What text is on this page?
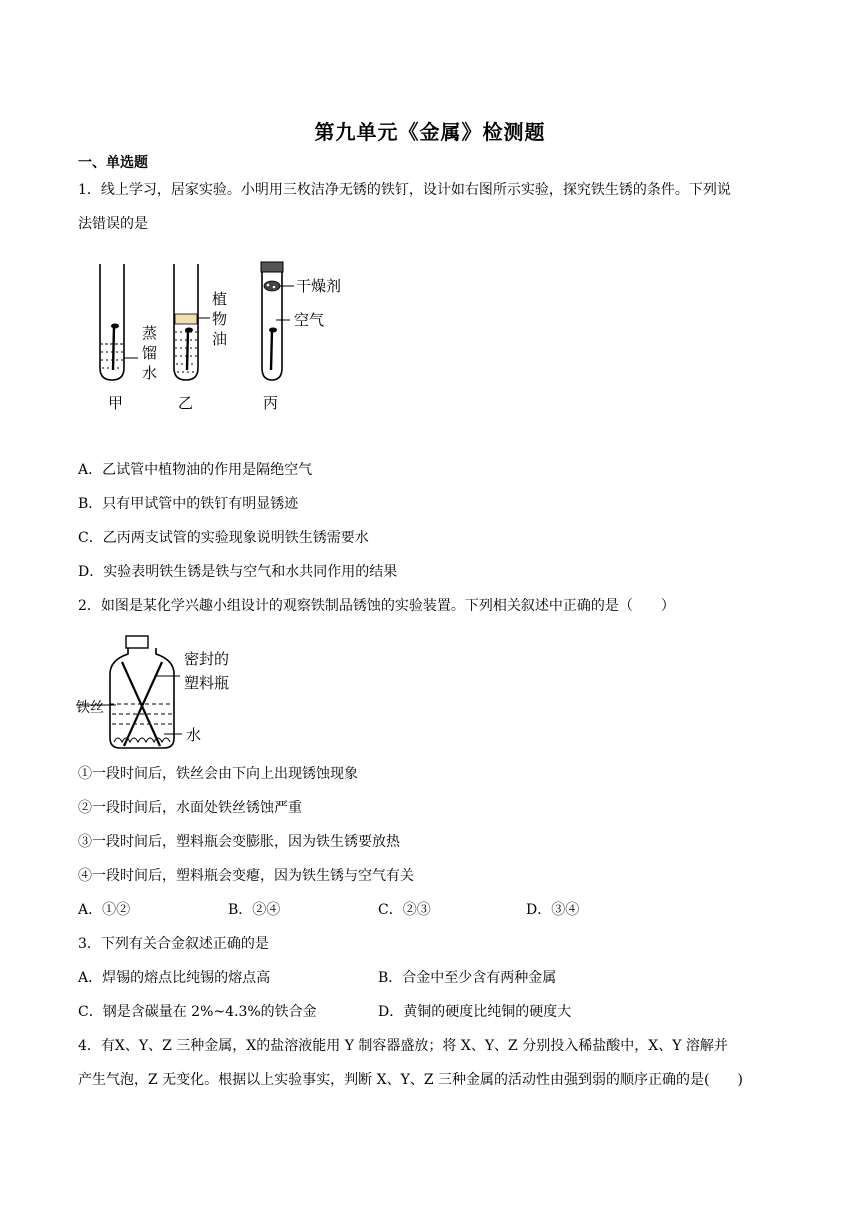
第九单元《金属》检测题
一、单选题
1．线上学习，居家实验。小明用三枚洁净无锈的铁钉，设计如右图所示实验，探究铁生锈的条件。下列说
法错误的是
蒸
馏
水
甲
植
物
油
乙
干燥剂
空气
丙
A．乙试管中植物油的作用是隔绝空气
B．只有甲试管中的铁钉有明显锈迹
C．乙丙两支试管的实验现象说明铁生锈需要水
D．实验表明铁生锈是铁与空气和水共同作用的结果
2．如图是某化学兴趣小组设计的观察铁制品锈蚀的实验装置。下列相关叙述中正确的是（　　）
密封的
塑料瓶
铁丝
水
①一段时间后，铁丝会由下向上出现锈蚀现象
②一段时间后，水面处铁丝锈蚀严重
③一段时间后，塑料瓶会变膨胀，因为铁生锈要放热
④一段时间后，塑料瓶会变瘪，因为铁生锈与空气有关
A．①②	B．②④	C．②③	D．③④
3．下列有关合金叙述正确的是
A．焊锡的熔点比纯锡的熔点高	B．合金中至少含有两种金属
C．钢是含碳量在 2%~4.3%的铁合金	D．黄铜的硬度比纯铜的硬度大
4．有X、Y、Z 三种金属，X的盐溶液能用 Y 制容器盛放；将 X、Y、Z 分别投入稀盐酸中，X、Y 溶解并
产生气泡，Z 无变化。根据以上实验事实，判断 X、Y、Z 三种金属的活动性由强到弱的顺序正确的是(　　)
